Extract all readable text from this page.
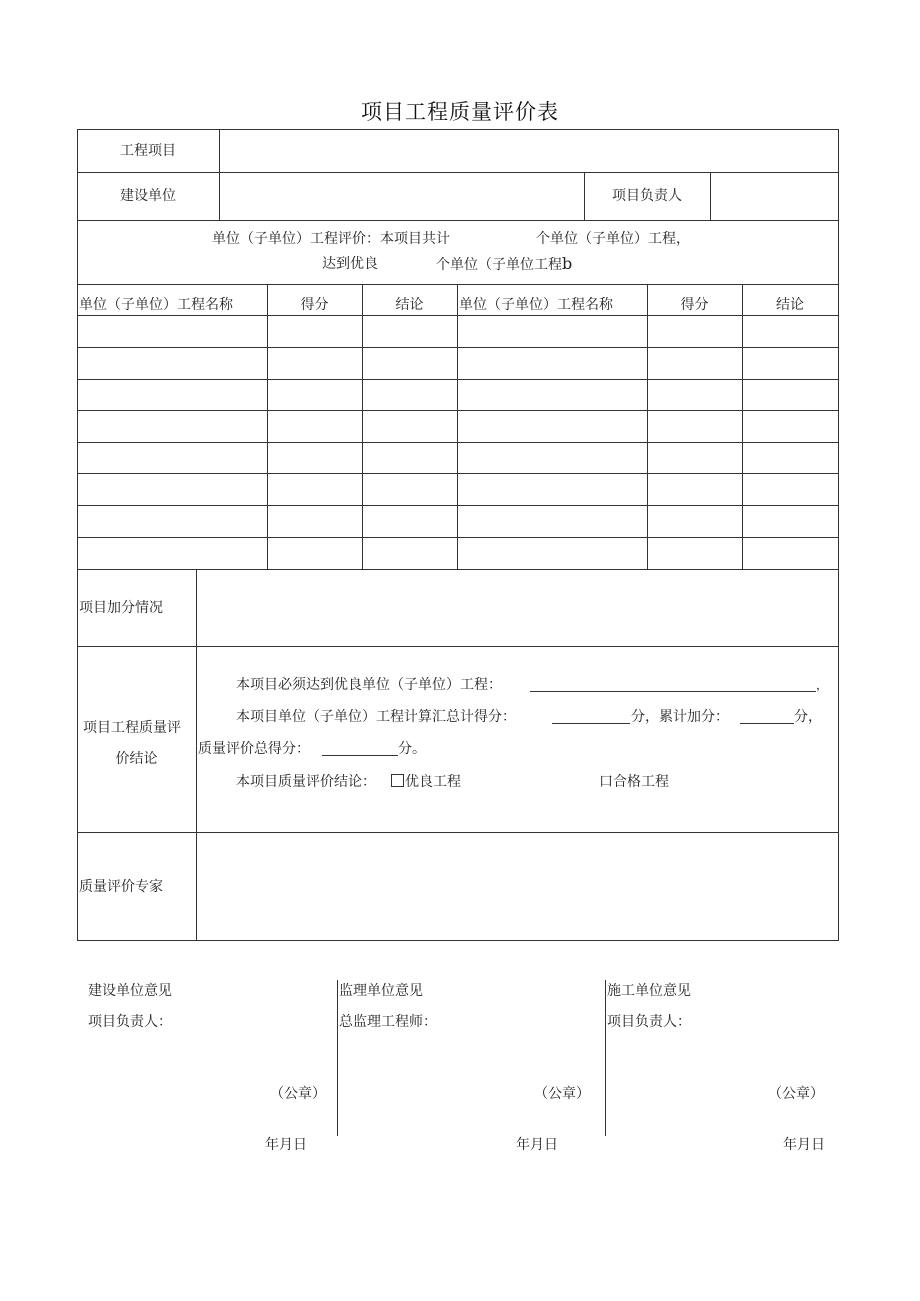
项目工程质量评价表
工程项目
建设单位	项目负责人
单位（子单位）工程评价：本项目共计	个单位（子单位）工程，
达到优良	个单位（子单位工程b
单位（子单位）工程名称	得分	结论	单位（子单位）工程名称	得分	结论
项目加分情况
项目工程质量评
价结论
本项目必须达到优良单位（子单位）工程：	，
本项目单位（子单位）工程计算汇总计得分：	分，累计加分：	分，
质量评价总得分：	分。
本项目质量评价结论：	优良工程	口合格工程
质量评价专家
建设单位意见
项目负责人：
（公章）
年月日
监理单位意见
总监理工程师：
（公章）
年月日
施工单位意见
项目负责人：
（公章）
年月日
